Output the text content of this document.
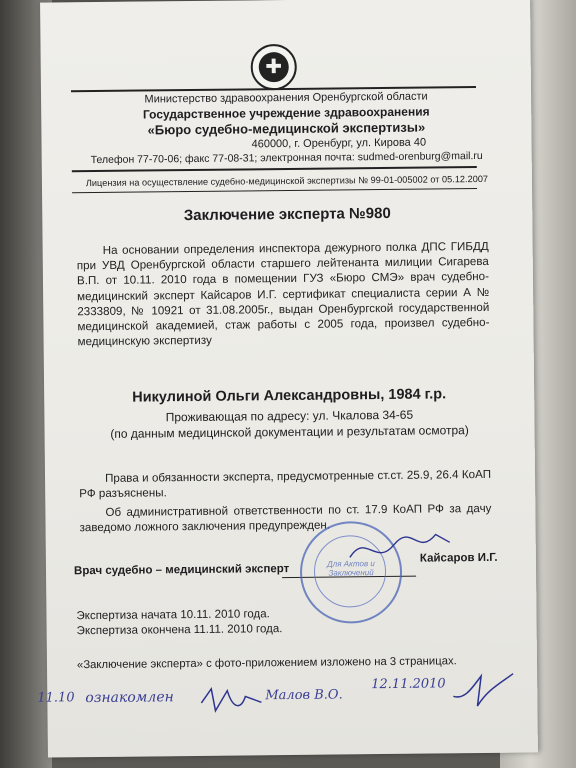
✚
Министерство здравоохранения Оренбургской области
Государственное учреждение здравоохранения
«Бюро судебно-медицинской экспертизы»
460000, г. Оренбург, ул. Кирова 40
Телефон 77-70-06; факс 77-08-31; электронная почта: sudmed-orenburg@mail.ru
Лицензия на осуществление судебно-медицинской экспертизы № 99-01-005002 от 05.12.2007
Заключение эксперта №980
На основании определения инспектора дежурного полка ДПС ГИБДД при УВД Оренбургской области старшего лейтенанта милиции Сигарева В.П. от 10.11. 2010 года в помещении ГУЗ «Бюро СМЭ» врач судебно-медицинский эксперт Кайсаров И.Г. сертификат специалиста серии А № 2333809, № 10921 от 31.08.2005г., выдан Оренбургской государственной медицинской академией, стаж работы с 2005 года, произвел судебно-медицинскую экспертизу
Никулиной Ольги Александровны, 1984 г.р.
Проживающая по адресу: ул. Чкалова 34-65
(по данным медицинской документации и результатам осмотра)
Права и обязанности эксперта, предусмотренные ст.ст. 25.9, 26.4 КоАП РФ разъяснены.
Об административной ответственности по ст. 17.9 КоАП РФ за дачу заведомо ложного заключения предупрежден.
Врач судебно – медицинский эксперт
Кайсаров И.Г.
Для Актов и Заключений
Экспертиза начата 10.11. 2010 года.
Экспертиза окончена 11.11. 2010 года.
«Заключение эксперта» с фото-приложением изложено на 3 страницах.
11.10 ознакомлен	Малов В.О.
12.11.2010
